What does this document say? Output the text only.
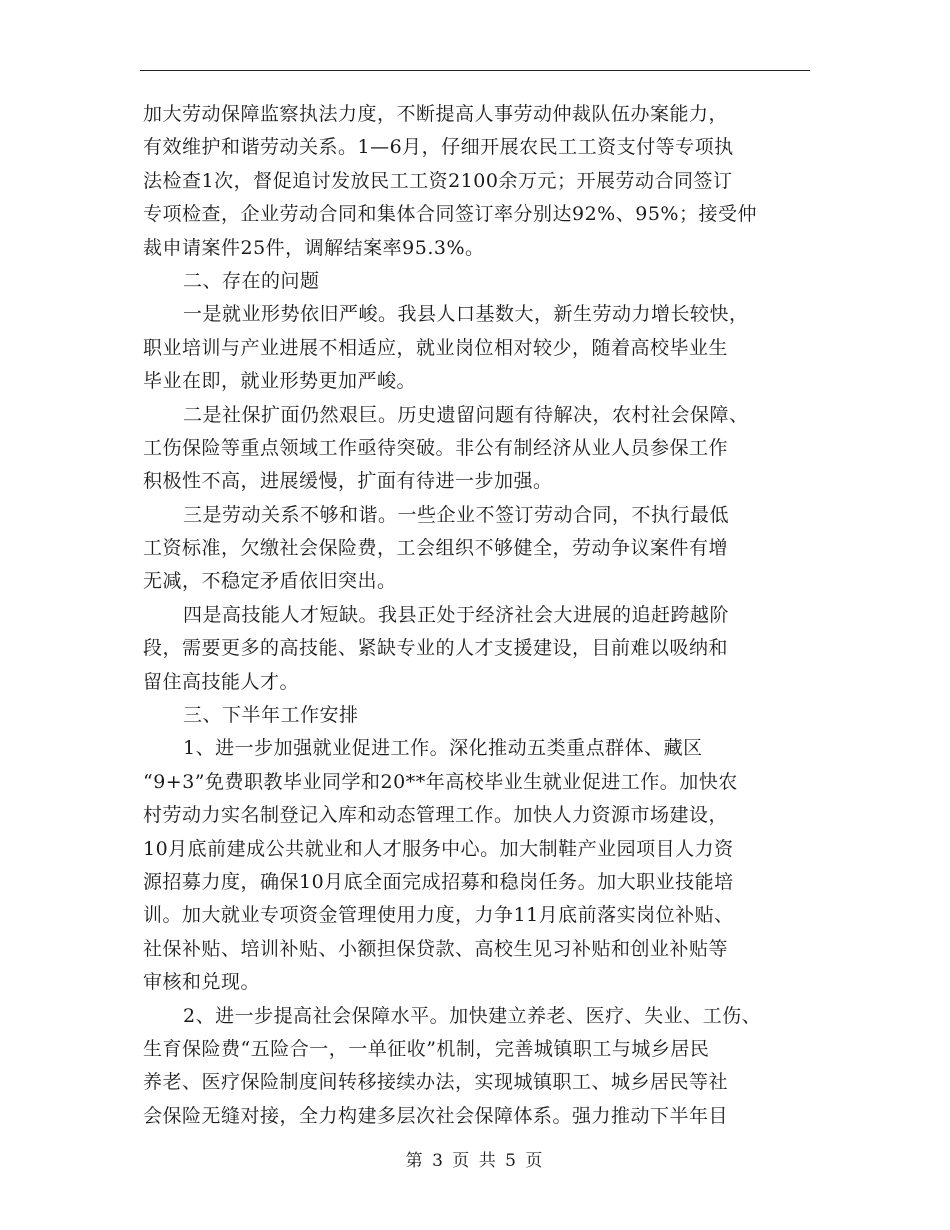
加大劳动保障监察执法力度，不断提高人事劳动仲裁队伍办案能力，
有效维护和谐劳动关系。1—6月，仔细开展农民工工资支付等专项执
法检查1次，督促追讨发放民工工资2100余万元；开展劳动合同签订
专项检查，企业劳动合同和集体合同签订率分别达92%、95%；接受仲
裁申请案件25件，调解结案率95.3%。
二、存在的问题
一是就业形势依旧严峻。我县人口基数大，新生劳动力增长较快，
职业培训与产业进展不相适应，就业岗位相对较少，随着高校毕业生
毕业在即，就业形势更加严峻。
二是社保扩面仍然艰巨。历史遗留问题有待解决，农村社会保障、
工伤保险等重点领域工作亟待突破。非公有制经济从业人员参保工作
积极性不高，进展缓慢，扩面有待进一步加强。
三是劳动关系不够和谐。一些企业不签订劳动合同，不执行最低
工资标准，欠缴社会保险费，工会组织不够健全，劳动争议案件有增
无减，不稳定矛盾依旧突出。
四是高技能人才短缺。我县正处于经济社会大进展的追赶跨越阶
段，需要更多的高技能、紧缺专业的人才支援建设，目前难以吸纳和
留住高技能人才。
三、下半年工作安排
1、进一步加强就业促进工作。深化推动五类重点群体、藏区
“9+3”免费职教毕业同学和20**年高校毕业生就业促进工作。加快农
村劳动力实名制登记入库和动态管理工作。加快人力资源市场建设，
10月底前建成公共就业和人才服务中心。加大制鞋产业园项目人力资
源招募力度，确保10月底全面完成招募和稳岗任务。加大职业技能培
训。加大就业专项资金管理使用力度，力争11月底前落实岗位补贴、
社保补贴、培训补贴、小额担保贷款、高校生见习补贴和创业补贴等
审核和兑现。
2、进一步提高社会保障水平。加快建立养老、医疗、失业、工伤、
生育保险费“五险合一，一单征收”机制，完善城镇职工与城乡居民
养老、医疗保险制度间转移接续办法，实现城镇职工、城乡居民等社
会保险无缝对接，全力构建多层次社会保障体系。强力推动下半年目
第 3 页 共 5 页
